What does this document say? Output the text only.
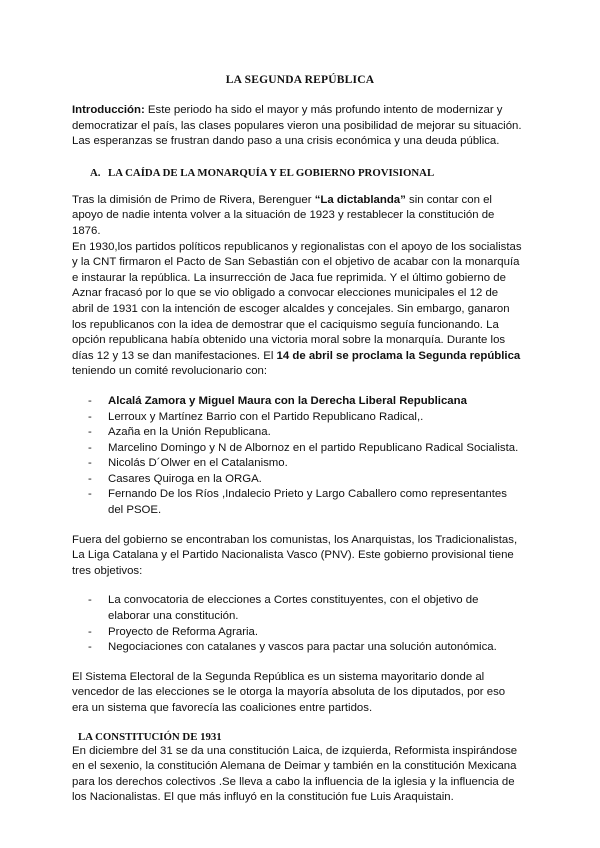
LA SEGUNDA REPÚBLICA

Introducción: Este periodo ha sido el mayor y más profundo intento de modernizar y democratizar el país, las clases populares vieron una posibilidad de mejorar su situación. Las esperanzas se frustran dando paso a una crisis económica y una deuda pública.

A. LA CAÍDA DE LA MONARQUÍA Y EL GOBIERNO PROVISIONAL

Tras la dimisión de Primo de Rivera, Berenguer “La dictablanda” sin contar con el apoyo de nadie intenta volver a la situación de 1923 y restablecer la constitución de 1876.

En 1930,los partidos políticos republicanos y regionalistas con el apoyo de los socialistas y la CNT firmaron el Pacto de San Sebastián con el objetivo de acabar con la monarquía e instaurar la república. La insurrección de Jaca fue reprimida. Y el último gobierno de Aznar fracasó por lo que se vio obligado a convocar elecciones municipales el 12 de abril de 1931 con la intención de escoger alcaldes y concejales. Sin embargo, ganaron los republicanos con la idea de demostrar que el caciquismo seguía funcionando. La opción republicana había obtenido una victoria moral sobre la monarquía. Durante los días 12 y 13 se dan manifestaciones. El 14 de abril se proclama la Segunda república teniendo un comité revolucionario con:

-	Alcalá Zamora y Miguel Maura con la Derecha Liberal Republicana
-	Lerroux y Martínez Barrio con el Partido Republicano Radical,.
-	Azaña en la Unión Republicana.
-	Marcelino Domingo y N de Albornoz en el partido Republicano Radical Socialista.
-	Nicolás D´Olwer en el Catalanismo.
-	Casares Quiroga en la ORGA.
-	Fernando De los Ríos ,Indalecio Prieto y Largo Caballero como representantes del PSOE.

Fuera del gobierno se encontraban los comunistas, los Anarquistas, los Tradicionalistas, La Liga Catalana y el Partido Nacionalista Vasco (PNV). Este gobierno provisional tiene tres objetivos:

-	La convocatoria de elecciones a Cortes constituyentes, con el objetivo de elaborar una constitución.
-	Proyecto de Reforma Agraria.
-	Negociaciones con catalanes y vascos para pactar una solución autonómica.

El Sistema Electoral de la Segunda República es un sistema mayoritario donde al vencedor de las elecciones se le otorga la mayoría absoluta de los diputados, por eso era un sistema que favorecía las coaliciones entre partidos.

LA CONSTITUCIÓN DE 1931

En diciembre del 31 se da una constitución Laica, de izquierda, Reformista inspirándose en el sexenio, la constitución Alemana de Deimar y también en la constitución Mexicana para los derechos colectivos .Se lleva a cabo la influencia de la iglesia y la influencia de los Nacionalistas. El que más influyó en la constitución fue Luis Araquistain.
